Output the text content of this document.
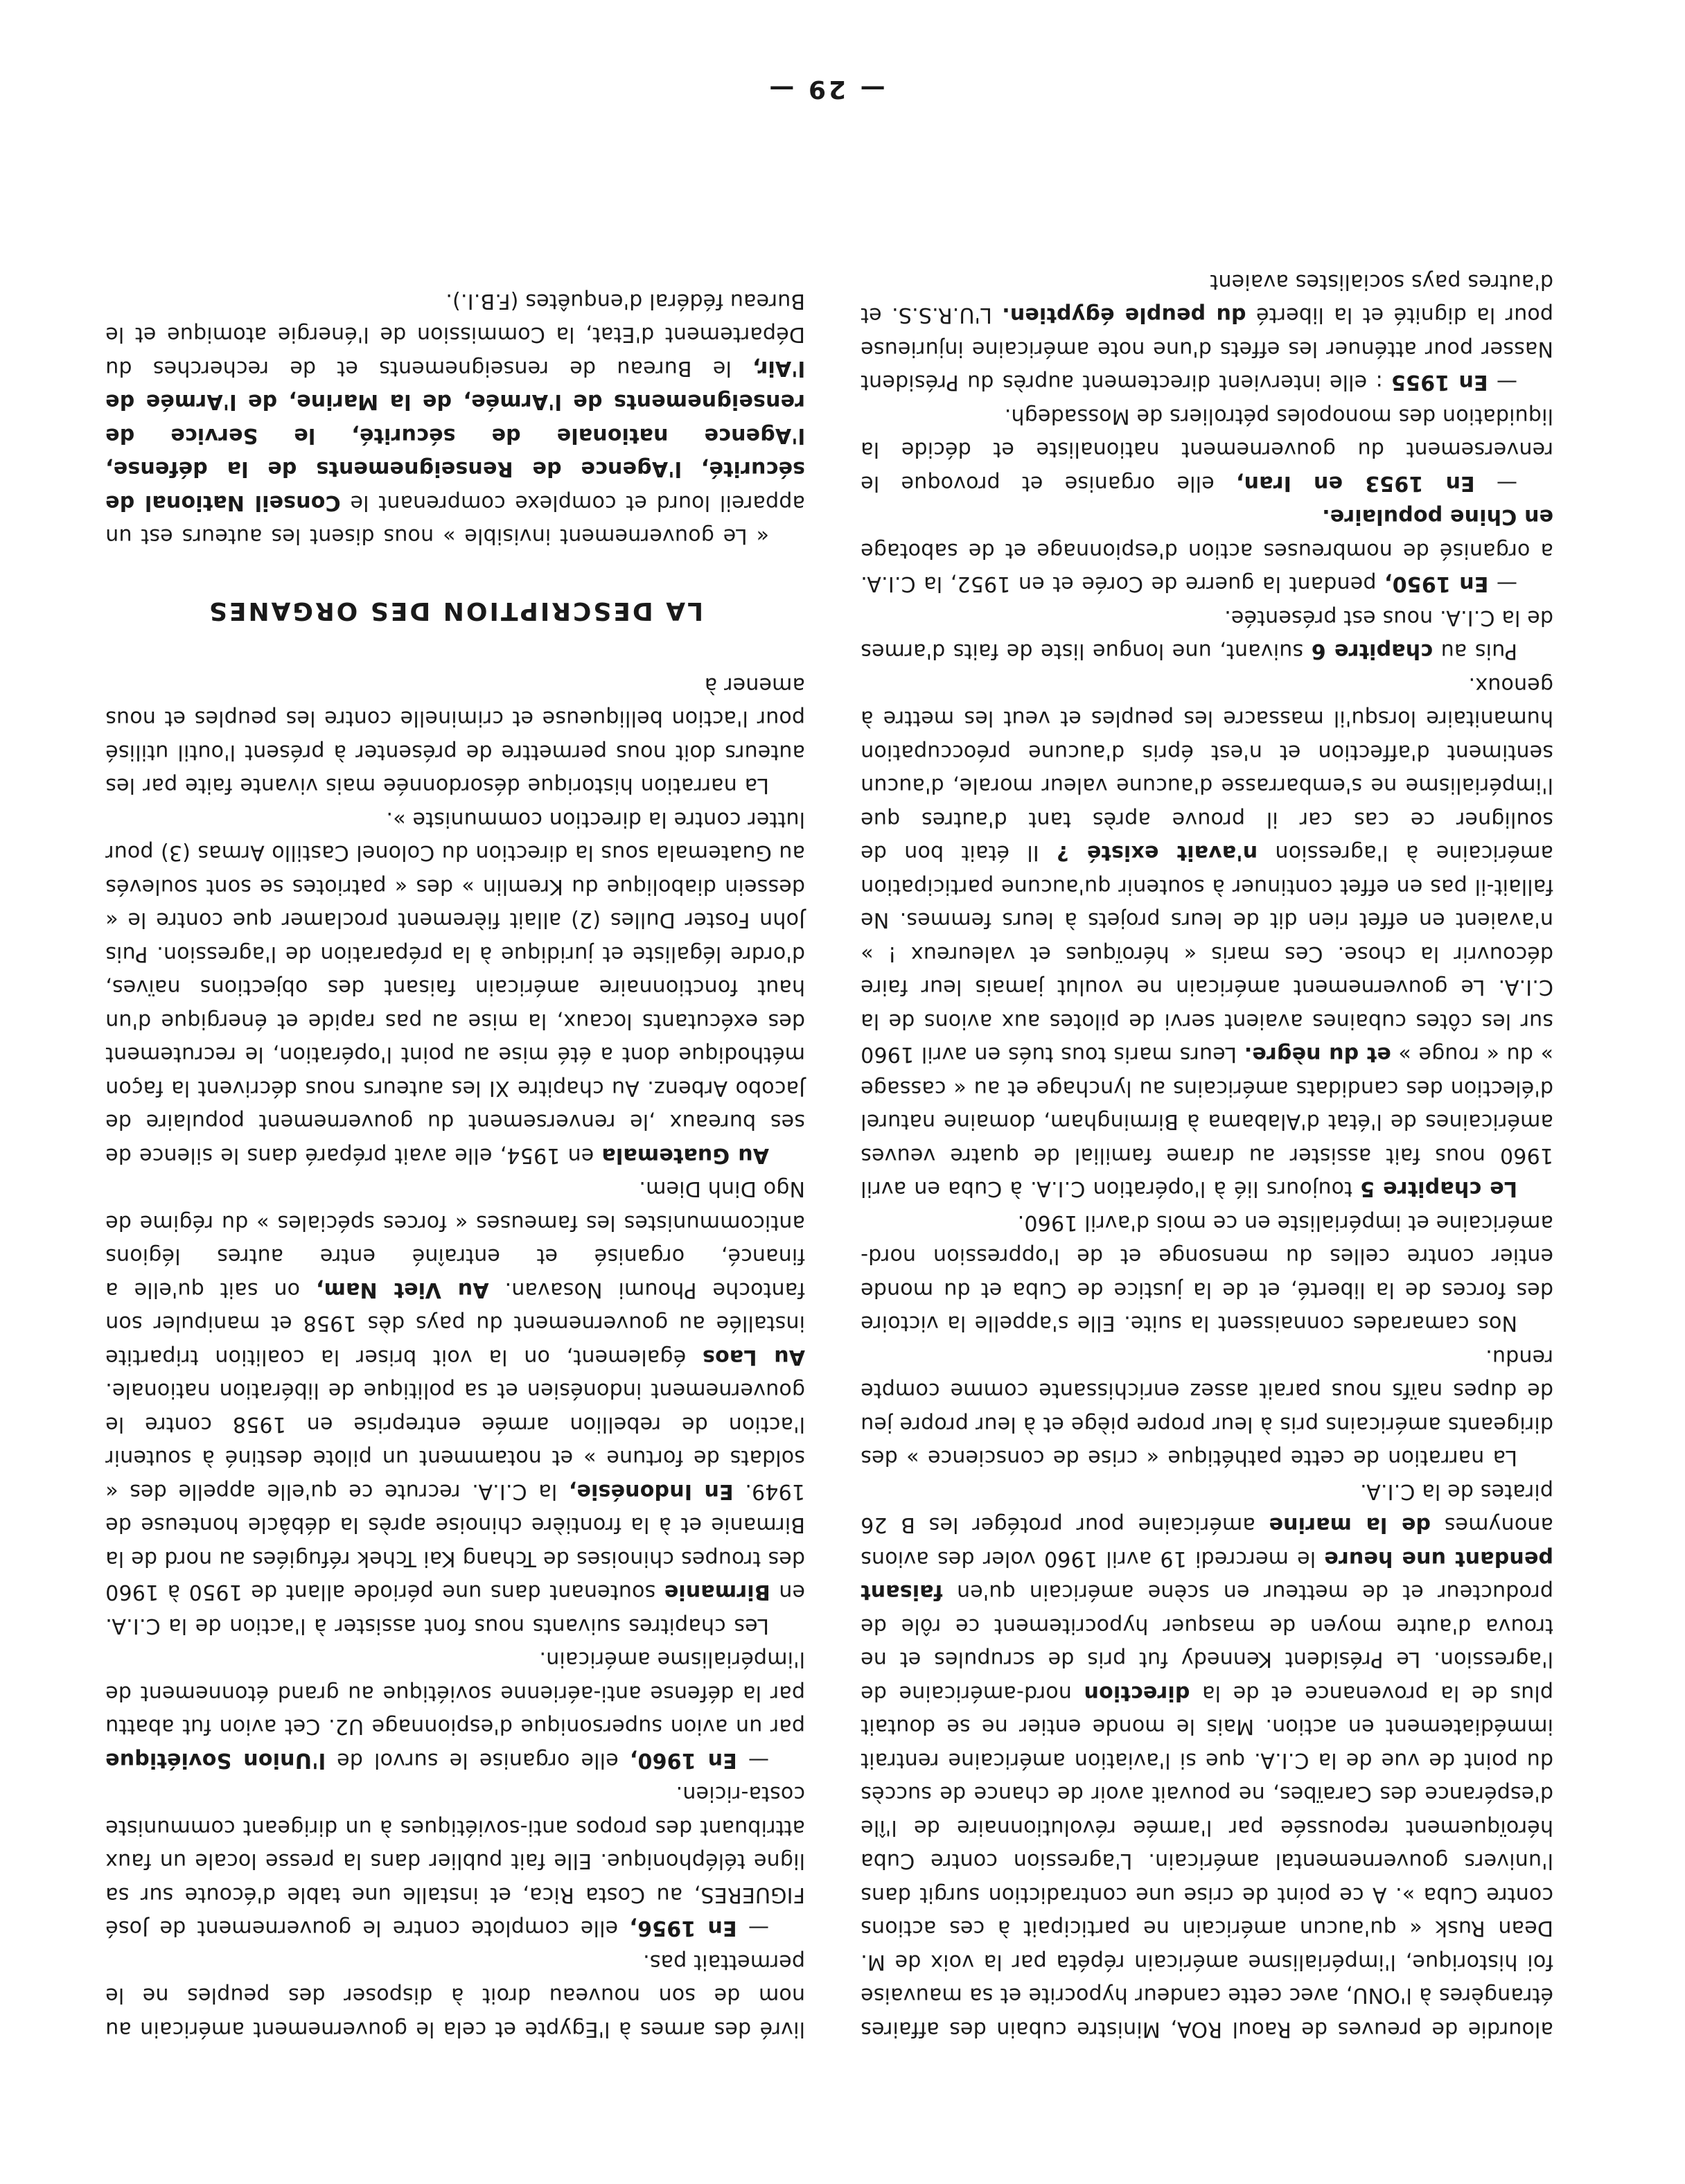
alourdie de preuves de Raoul ROA, Ministre cubain des affaires étrangères à l'ONU, avec cette candeur hypocrite et sa mauvaise foi historique, l'impérialisme américain répéta par la voix de M. Dean Rusk « qu'aucun américain ne participait à ces actions contre Cuba ». A ce point de crise une contradiction surgit dans l'univers gouvernemental américain. L'agression contre Cuba héroïquement repoussée par l'armée révolutionnaire de l'île d'espérance des Caraïbes, ne pouvait avoir de chance de succès du point de vue de la C.I.A. que si l'aviation américaine rentrait immédiatement en action. Mais le monde entier ne se doutait plus de la provenance et de la direction nord-américaine de l'agression. Le Président Kennedy fut pris de scrupules et ne trouva d'autre moyen de masquer hypocritement ce rôle de producteur et de metteur en scène américain qu'en faisant pendant une heure le mercredi 19 avril 1960 voler des avions anonymes de la marine américaine pour protéger les B 26 pirates de la C.I.A.

La narration de cette pathétique « crise de conscience » des dirigeants américains pris à leur propre piège et à leur propre jeu de dupes naïfs nous parait assez enrichissante comme compte rendu.

Nos camarades connaissent la suite. Elle s'appelle la victoire des forces de la liberté, et de la justice de Cuba et du monde entier contre celles du mensonge et de l'oppression nord-américaine et impérialiste en ce mois d'avril 1960.

Le chapitre 5 toujours lié à l'opération C.I.A. à Cuba en avril 1960 nous fait assister au drame familial de quatre veuves américaines de l'état d'Alabama à Birmingham, domaine naturel d'élection des candidats américains au lynchage et au « cassage » du « rouge » et du nègre. Leurs maris tous tués en avril 1960 sur les côtes cubaines avaient servi de pilotes aux avions de la C.I.A. Le gouvernement américain ne voulut jamais leur faire découvrir la chose. Ces maris « héroïques et valeureux ! » n'avaient en effet rien dit de leurs projets à leurs femmes. Ne fallait-il pas en effet continuer à soutenir qu'aucune participation américaine à l'agression n'avait existé ? Il était bon de souligner ce cas car il prouve après tant d'autres que l'impérialisme ne s'embarrasse d'aucune valeur morale, d'aucun sentiment d'affection et n'est épris d'aucune préoccupation humanitaire lorsqu'il massacre les peuples et veut les mettre à genoux.

Puis au chapitre 6 suivant, une longue liste de faits d'armes de la C.I.A. nous est présentée.

— En 1950, pendant la guerre de Corée et en 1952, la C.I.A. a organisé de nombreuses action d'espionnage et de sabotage en Chine populaire.

— En 1953 en Iran, elle organise et provoque le renversement du gouvernement nationaliste et décide la liquidation des monopoles pétroliers de Mossadegh.

— En 1955 : elle intervient directement auprès du Président Nasser pour atténuer les effets d'une note américaine injurieuse pour la dignité et la liberté du peuple égyptien. L'U.R.S.S. et d'autres pays socialistes avaient

livré des armes à l'Egypte et cela le gouvernement américain au nom de son nouveau droit à disposer des peuples ne le permettait pas.

— En 1956, elle complote contre le gouvernement de José FIGUERES, au Costa Rica, et installe une table d'écoute sur sa ligne téléphonique. Elle fait publier dans la presse locale un faux attribuant des propos anti-soviétiques à un dirigeant communiste costa-ricien.

— En 1960, elle organise le survol de l'Union Soviétique par un avion supersonique d'espionnage U2. Cet avion fut abattu par la défense anti-aérienne soviétique au grand étonnement de l'impérialisme américain.

Les chapitres suivants nous font assister à l'action de la C.I.A. en Birmanie soutenant dans une période allant de 1950 à 1960 des troupes chinoises de Tchang Kai Tchek réfugiées au nord de la Birmanie et à la frontière chinoise après la débâcle honteuse de 1949. En Indonésie, la C.I.A. recrute ce qu'elle appelle des « soldats de fortune » et notamment un pilote destiné à soutenir l'action de rebellion armée entreprise en 1958 contre le gouvernement indonésien et sa politique de libération nationale. Au Laos également, on la voit briser la coalition tripartite installée au gouvernement du pays dès 1958 et manipuler son fantoche Phoumi Nosavan. Au Viet Nam, on sait qu'elle a financé, organisé et entraîné entre autres légions anticommunistes les fameuses « forces spéciales » du régime de Ngo Dinh Diem.

Au Guatemala en 1954, elle avait préparé dans le silence de ses bureaux ,le renversement du gouvernement populaire de Jacobo Arbenz. Au chapitre XI les auteurs nous décrivent la façon méthodique dont a été mise au point l'opération, le recrutement des exécutants locaux, la mise au pas rapide et énergique d'un haut fonctionnaire américain faisant des objections naïves, d'ordre légaliste et juridique à la préparation de l'agression. Puis John Foster Dulles (2) allait fièrement proclamer que contre le « dessein diabolique du Kremlin » des « patriotes se sont soulevés au Guatemala sous la direction du Colonel Castillo Armas (3) pour lutter contre la direction communiste ».

La narration historique désordonnée mais vivante faite par les auteurs doit nous permettre de présenter à présent l'outil utilisé pour l'action belliqueuse et criminelle contre les peuples et nous amener à

LA DESCRIPTION DES ORGANES

« Le gouvernement invisible » nous disent les auteurs est un appareil lourd et complexe comprenant le Conseil National de sécurité, l'Agence de Renseignements de la défense, l'Agence nationale de sécurité, le Service de renseignements de l'Armée, de la Marine, de l'Armée de l'Air, le Bureau de renseignements et de recherches du Département d'Etat, la Commission de l'énergie atomique et le Bureau fédéral d'enquêtes (F.B.I.).

— 29 —
